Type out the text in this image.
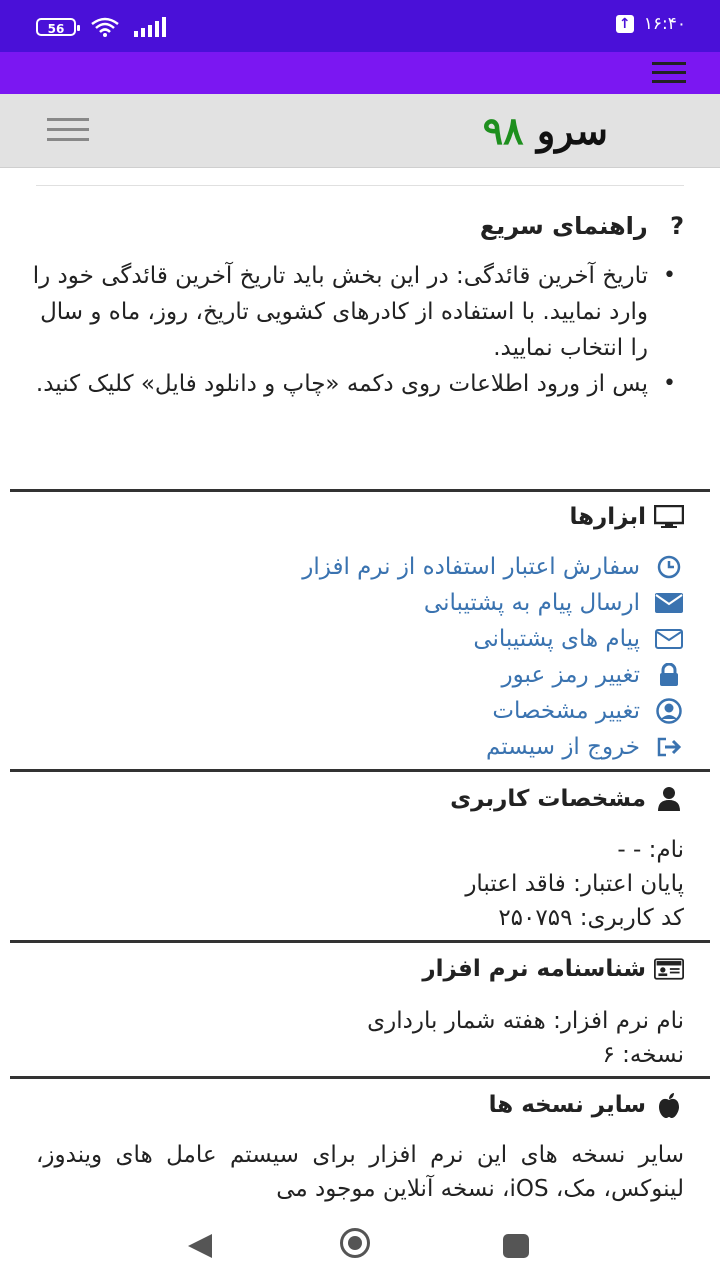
56	↑ ۱۶:۴۰
سرو ۹۸
? راهنمای سریع
• تاریخ آخرین قائدگی: در این بخش باید تاریخ آخرین قائدگی خود را وارد نمایید. با استفاده از کادرهای کشویی تاریخ، روز، ماه و سال را انتخاب نمایید.
• پس از ورود اطلاعات روی دکمه «چاپ و دانلود فایل» کلیک کنید.
ابزارها
سفارش اعتبار استفاده از نرم افزار
ارسال پیام به پشتیبانی
پیام های پشتیبانی
تغییر رمز عبور
تغییر مشخصات
خروج از سیستم
مشخصات کاربری
نام: - -
پایان اعتبار: فاقد اعتبار
کد کاربری: ۲۵۰۷۵۹
شناسنامه نرم افزار
نام نرم افزار: هفته شمار بارداری
نسخه: ۶
سایر نسخه ها
سایر نسخه های این نرم افزار برای سیستم عامل های ویندوز، لینوکس، مک، iOS، نسخه آنلاین موجود می
